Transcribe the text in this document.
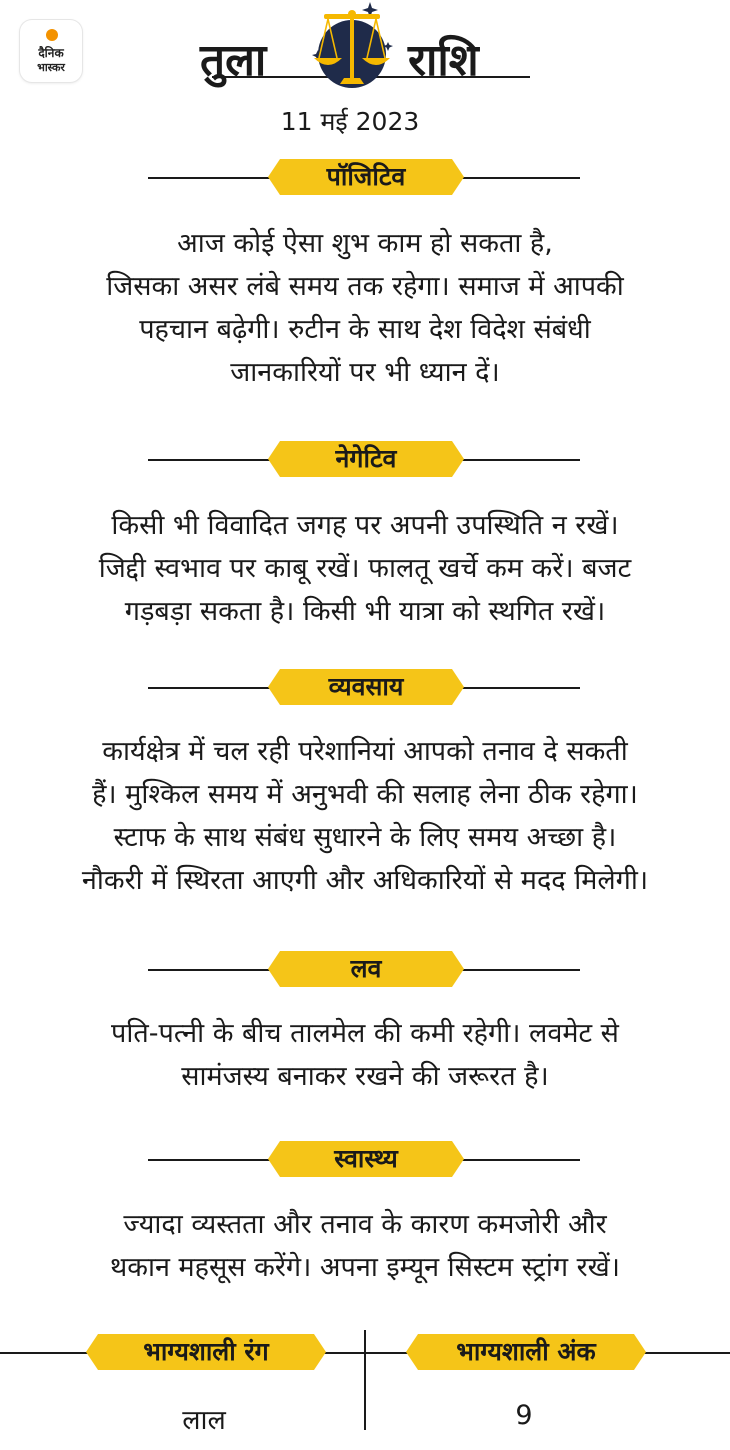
दैनिक
भास्कर	तुला	राशि
11 मई 2023
पॉजिटिव
आज कोई ऐसा शुभ काम हो सकता है,
जिसका असर लंबे समय तक रहेगा। समाज में आपकी
पहचान बढ़ेगी। रुटीन के साथ देश विदेश संबंधी
जानकारियों पर भी ध्यान दें।
नेगेटिव
किसी भी विवादित जगह पर अपनी उपस्थिति न रखें।
जिद्दी स्वभाव पर काबू रखें। फालतू खर्चे कम करें। बजट
गड़बड़ा सकता है। किसी भी यात्रा को स्थगित रखें।
व्यवसाय
कार्यक्षेत्र में चल रही परेशानियां आपको तनाव दे सकती
हैं। मुश्किल समय में अनुभवी की सलाह लेना ठीक रहेगा।
स्टाफ के साथ संबंध सुधारने के लिए समय अच्छा है।
नौकरी में स्थिरता आएगी और अधिकारियों से मदद मिलेगी।
लव
पति-पत्नी के बीच तालमेल की कमी रहेगी। लवमेट से
सामंजस्य बनाकर रखने की जरूरत है।
स्वास्थ्य
ज्यादा व्यस्तता और तनाव के कारण कमजोरी और
थकान महसूस करेंगे। अपना इम्यून सिस्टम स्ट्रांग रखें।
भाग्यशाली रंग	भाग्यशाली अंक
लाल	9
